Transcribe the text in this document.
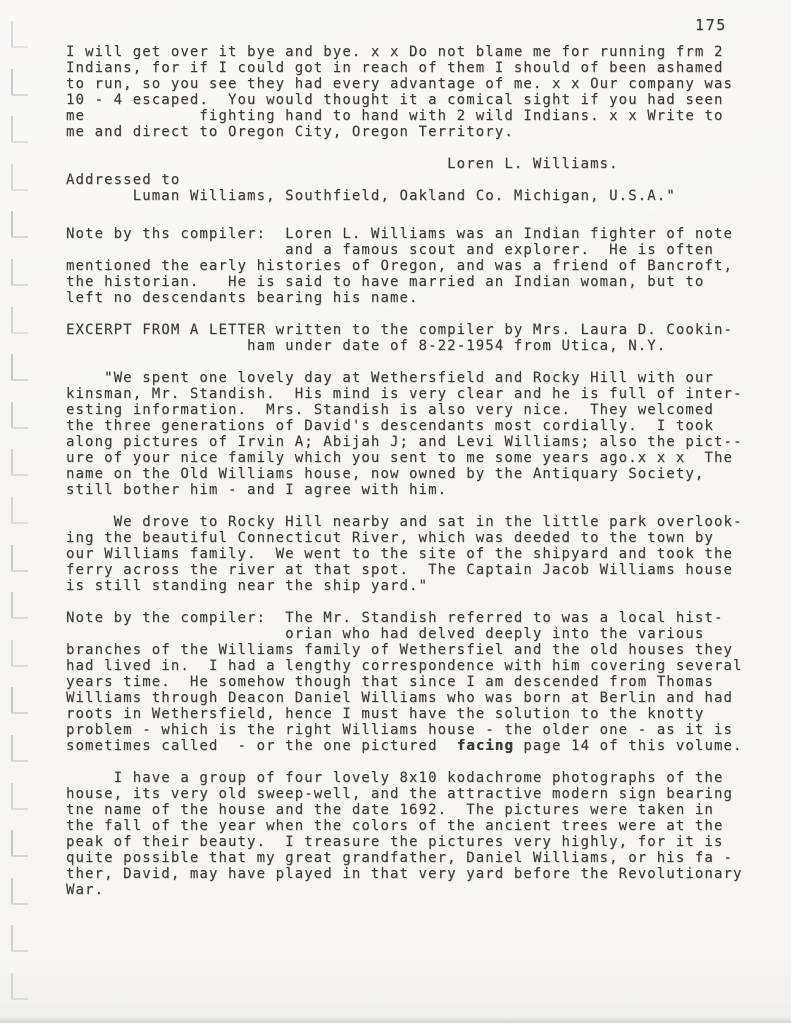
175
I will get over it bye and bye. x x Do not blame me for running frm 2
Indians, for if I could got in reach of them I should of been ashamed
to run, so you see they had every advantage of me. x x Our company was
10 - 4 escaped.  You would thought it a comical sight if you had seen
me            fighting hand to hand with 2 wild Indians. x x Write to
me and direct to Oregon City, Oregon Territory.
Loren L. Williams.
Addressed to
Luman Williams, Southfield, Oakland Co. Michigan, U.S.A."
Note by ths compiler:  Loren L. Williams was an Indian fighter of note
and a famous scout and explorer.  He is often
mentioned the early histories of Oregon, and was a friend of Bancroft,
the historian.   He is said to have married an Indian woman, but to
left no descendants bearing his name.
EXCERPT FROM A LETTER written to the compiler by Mrs. Laura D. Cookin-
ham under date of 8-22-1954 from Utica, N.Y.
"We spent one lovely day at Wethersfield and Rocky Hill with our
kinsman, Mr. Standish.  His mind is very clear and he is full of inter-
esting information.  Mrs. Standish is also very nice.  They welcomed
the three generations of David's descendants most cordially.  I took
along pictures of Irvin A; Abijah J; and Levi Williams; also the pict--
ure of your nice family which you sent to me some years ago.x x x  The
name on the Old Williams house, now owned by the Antiquary Society,
still bother him - and I agree with him.
We drove to Rocky Hill nearby and sat in the little park overlook-
ing the beautiful Connecticut River, which was deeded to the town by
our Williams family.  We went to the site of the shipyard and took the
ferry across the river at that spot.  The Captain Jacob Williams house
is still standing near the ship yard."
Note by the compiler:  The Mr. Standish referred to was a local hist-
orian who had delved deeply into the various
branches of the Williams family of Wethersfiel and the old houses they
had lived in.  I had a lengthy correspondence with him covering several
years time.  He somehow though that since I am descended from Thomas
Williams through Deacon Daniel Williams who was born at Berlin and had
roots in Wethersfield, hence I must have the solution to the knotty
problem - which is the right Williams house - the older one - as it is
sometimes called  - or the one pictured  facing page 14 of this volume.
I have a group of four lovely 8x10 kodachrome photographs of the
house, its very old sweep-well, and the attractive modern sign bearing
tne name of the house and the date 1692.  The pictures were taken in
the fall of the year when the colors of the ancient trees were at the
peak of their beauty.  I treasure the pictures very highly, for it is
quite possible that my great grandfather, Daniel Williams, or his fa -
ther, David, may have played in that very yard before the Revolutionary
War.
